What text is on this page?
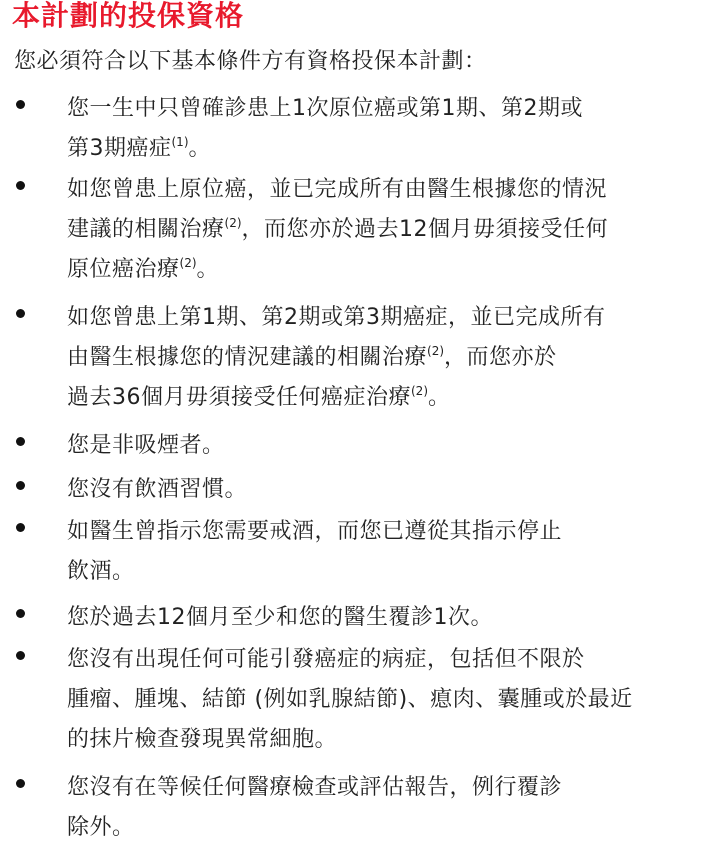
本計劃的投保資格

您必須符合以下基本條件方有資格投保本計劃：

您一生中只曾確診患上1次原位癌或第1期、第2期或
第3期癌症$^{(1)}$。

如您曾患上原位癌，並已完成所有由醫生根據您的情況
建議的相關治療$^{(2)}$，而您亦於過去12個月毋須接受任何
原位癌治療$^{(2)}$。

如您曾患上第1期、第2期或第3期癌症，並已完成所有
由醫生根據您的情況建議的相關治療$^{(2)}$，而您亦於
過去36個月毋須接受任何癌症治療$^{(2)}$。

您是非吸煙者。

您沒有飲酒習慣。

如醫生曾指示您需要戒酒，而您已遵從其指示停止
飲酒。

您於過去12個月至少和您的醫生覆診1次。

您沒有出現任何可能引發癌症的病症，包括但不限於
腫瘤、腫塊、結節 (例如乳腺結節)、瘜肉、囊腫或於最近
的抹片檢查發現異常細胞。

您沒有在等候任何醫療檢查或評估報告，例行覆診
除外。
